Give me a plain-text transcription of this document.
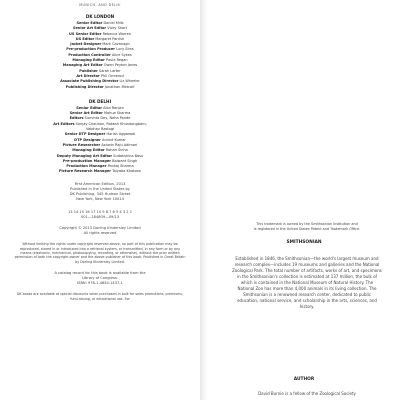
MUNICH, AND DELHI
DK LONDON
Senior Editor Daniel Mills
Senior Art Editor Vicky Short
US Senior Editor Rebecca Warren
US Editor Margaret Parrish
Jacket Designer Mark Cavanagh
Pre-production Producer Lucy Sims
Production Controller Alice Sykes
Managing Editor Paula Regan
Managing Art Editor Owen Peyton Jones
Publisher Sarah Larter
Art Director Phil Ormerod
Associate Publishing Director Liz Wheeler
Publishing Director Jonathan Metcalf
DK DELHI
Senior Editor Alka Ranjan
Senior Art Editor Mahua Sharma
Editors Suminta Dey, Neha Pande
Art Editors Sanjay Chauhan, Rakesh Khundongbam,
Vaibhav Rastogi
Senior DTP Designer Harish Aggarwal
DTP Designer Arvind Kumar
Picture Researcher Ashwin Raju Adimari
Managing Editor Rohan Sinha
Deputy Managing Art Editor Sudakshina Basu
Pre-production Manager Balwant Singh
Production Manager Pankaj Sharma
Picture Research Manager Taiyaba Khatoon
First American Edition, 2013
Published in the United States by
DK Publishing, 345 Hudson Street
New York, New York 10014
13 14 15 16 17 10 9 8 7 6 5 4 3 2 1
001—184809—09/13
Copyright © 2013 Dorling Kindersley Limited
All rights reserved
Without limiting the rights under copyright reserved above, no part of this publication may be reproduced, stored in or introduced into a retrieval system, or transmitted, in any form or by any means (electronic, mechanical, photocopying, recording, or otherwise), without the prior written permission of both the copyright owner and the above publisher of this book. Published in Great Britain by Dorling Kindersley Limited.
A catalog record for this book is available from the
Library of Congress.
ISBN: 978-1-4654-1437-1
DK books are available at special discounts when purchased in bulk for sales promotions, premiums, fund-raising, or educational use. For
This trademark is owned by the Smithsonian Institution and
is registered in the United States Patent and Trademark Office.
SMITHSONIAN
Established in 1846, the Smithsonian—the world's largest museum and research complex—includes 19 museums and galleries and the National Zoological Park. The total number of artifacts, works of art, and specimens in the Smithsonian's collection is estimated at 137 million, the bulk of which is contained in the National Museum of Natural History. The National Zoo has more than 4,000 animals in its living collection. The Smithsonian is a renowned research center, dedicated to public education, national service, and scholarship in the arts, sciences, and history.
AUTHOR
David Burnie is a fellow of the Zoological Society
